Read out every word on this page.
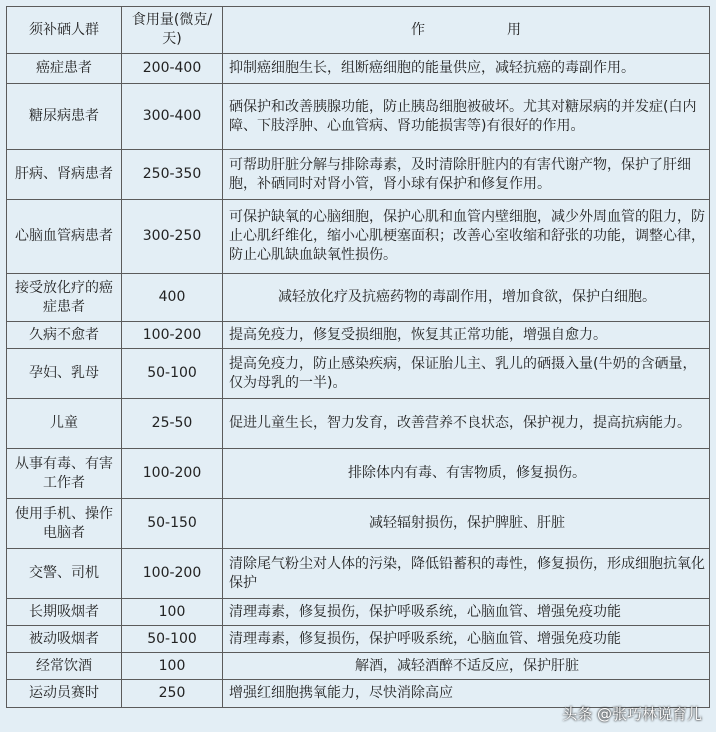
须补硒人群	食用量(微克/天)	作　　　　　用
癌症患者	200-400	抑制癌细胞生长，组断癌细胞的能量供应，减轻抗癌的毒副作用。
糖尿病患者	300-400	硒保护和改善胰腺功能，防止胰岛细胞被破坏。尤其对糖尿病的并发症(白内障、下肢浮肿、心血管病、肾功能损害等)有很好的作用。
肝病、肾病患者	250-350	可帮助肝脏分解与排除毒素，及时清除肝脏内的有害代谢产物，保护了肝细胞，补硒同时对肾小管，肾小球有保护和修复作用。
心脑血管病患者	300-250	可保护缺氧的心脑细胞，保护心肌和血管内壁细胞，减少外周血管的阻力，防止心肌纤维化，缩小心肌梗塞面积；改善心室收缩和舒张的功能，调整心律，防止心肌缺血缺氧性损伤。
接受放化疗的癌症患者	400	减轻放化疗及抗癌药物的毒副作用，增加食欲，保护白细胞。
久病不愈者	100-200	提高免疫力，修复受损细胞，恢复其正常功能，增强自愈力。
孕妇、乳母	50-100	提高免疫力，防止感染疾病，保证胎儿主、乳儿的硒摄入量(牛奶的含硒量，仅为母乳的一半)。
儿童	25-50	促进儿童生长，智力发育，改善营养不良状态，保护视力，提高抗病能力。
从事有毒、有害工作者	100-200	排除体内有毒、有害物质，修复损伤。
使用手机、操作电脑者	50-150	减轻辐射损伤，保护脾脏、肝脏
交警、司机	100-200	清除尾气粉尘对人体的污染，降低铅蓄积的毒性，修复损伤，形成细胞抗氧化保护
长期吸烟者	100	清理毒素，修复损伤，保护呼吸系统，心脑血管、增强免疫功能
被动吸烟者	50-100	清理毒素，修复损伤，保护呼吸系统，心脑血管、增强免疫功能
经常饮酒	100	解酒，减轻酒醉不适反应，保护肝脏
运动员赛时	250	增强红细胞携氧能力，尽快消除高应
头条 @张巧林说育儿
